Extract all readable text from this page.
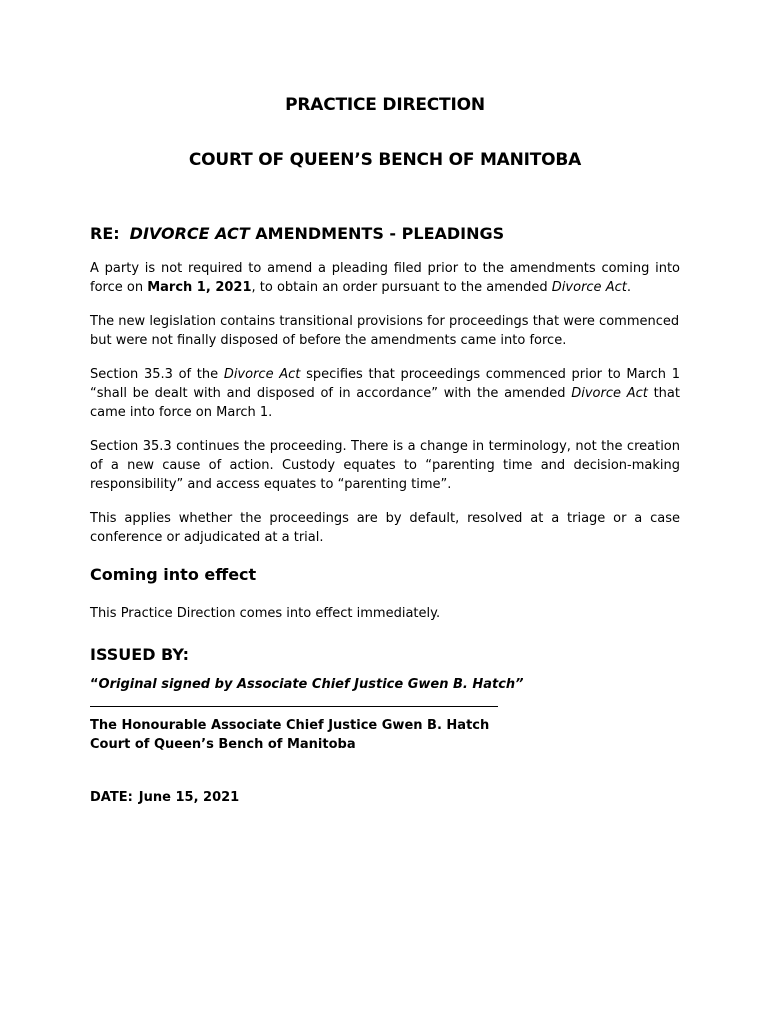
PRACTICE DIRECTION
COURT OF QUEEN’S BENCH OF MANITOBA
RE: DIVORCE ACT AMENDMENTS - PLEADINGS

A party is not required to amend a pleading filed prior to the amendments coming into force on March 1, 2021, to obtain an order pursuant to the amended Divorce Act.

The new legislation contains transitional provisions for proceedings that were commenced but were not finally disposed of before the amendments came into force.

Section 35.3 of the Divorce Act specifies that proceedings commenced prior to March 1 “shall be dealt with and disposed of in accordance” with the amended Divorce Act that came into force on March 1.

Section 35.3 continues the proceeding. There is a change in terminology, not the creation of a new cause of action. Custody equates to “parenting time and decision-making responsibility” and access equates to “parenting time”.

This applies whether the proceedings are by default, resolved at a triage or a case conference or adjudicated at a trial.

Coming into effect

This Practice Direction comes into effect immediately.

ISSUED BY:
“Original signed by Associate Chief Justice Gwen B. Hatch”
The Honourable Associate Chief Justice Gwen B. Hatch
Court of Queen’s Bench of Manitoba
DATE: June 15, 2021
